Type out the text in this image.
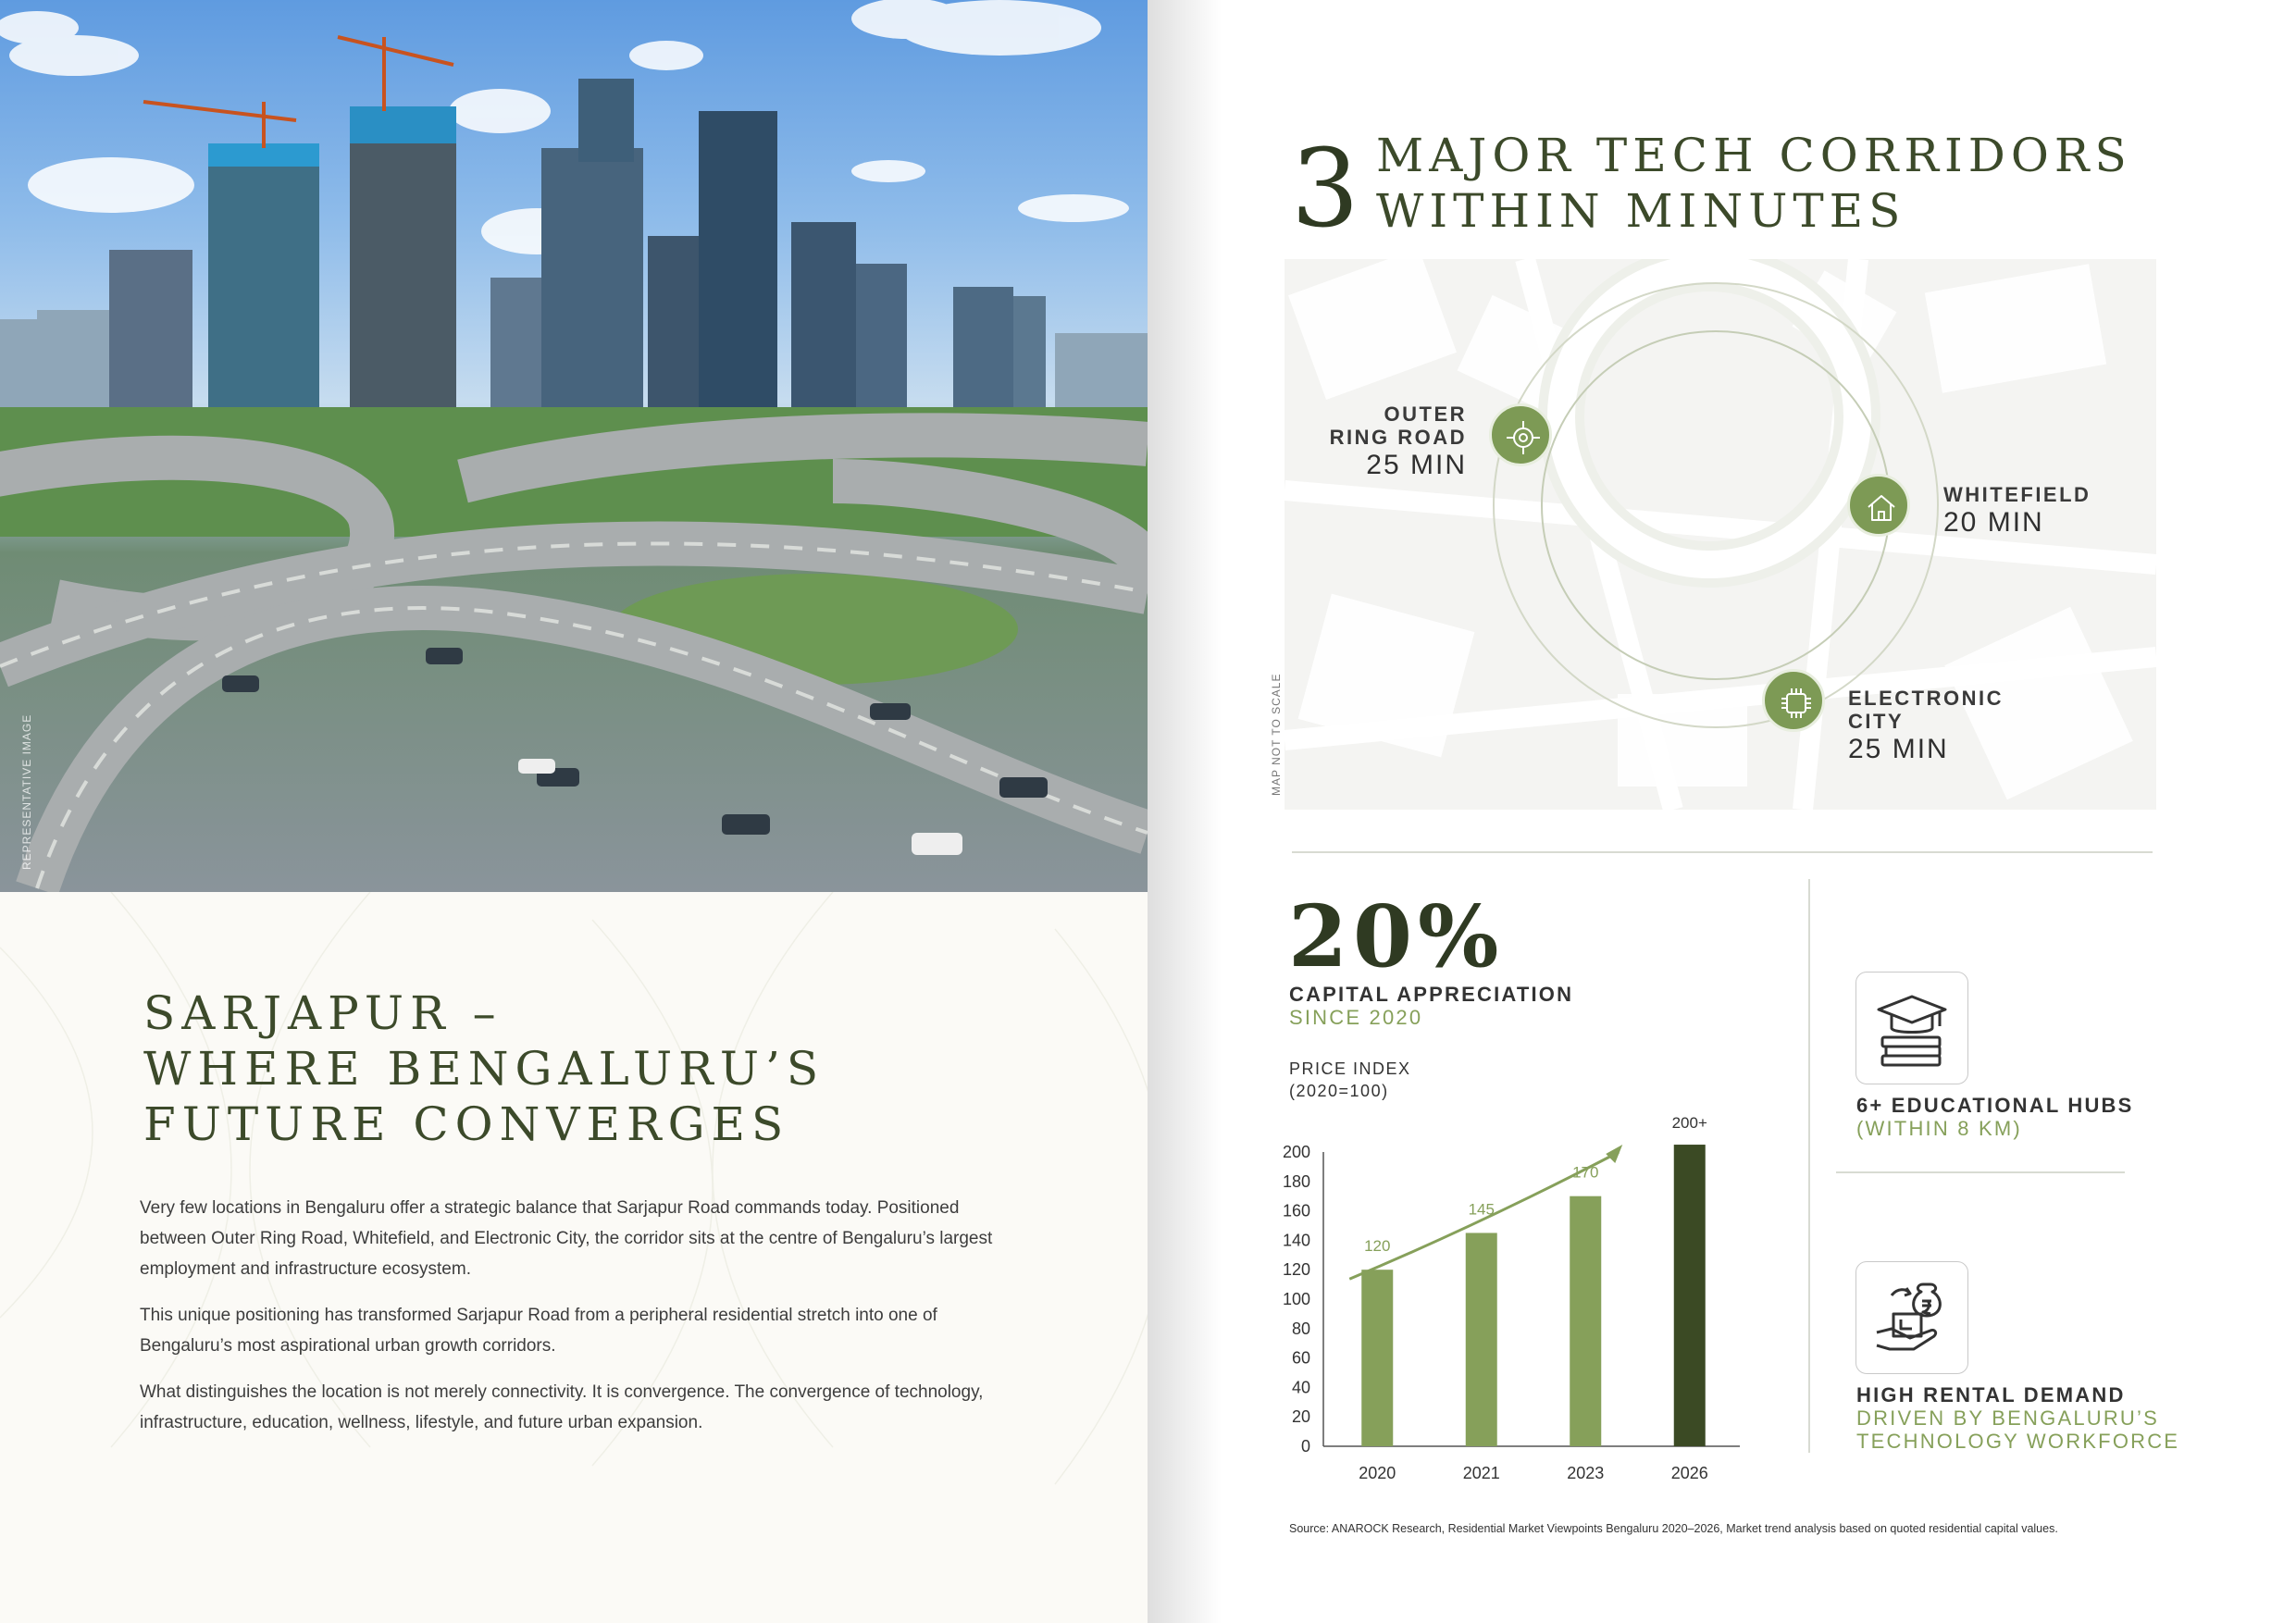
REPRESENTATIVE IMAGE
SARJAPUR –
WHERE BENGALURU’S
FUTURE CONVERGES

Very few locations in Bengaluru offer a strategic balance that Sarjapur Road commands today. Positioned between Outer Ring Road, Whitefield, and Electronic City, the corridor sits at the centre of Bengaluru’s largest employment and infrastructure ecosystem.

This unique positioning has transformed Sarjapur Road from a peripheral residential stretch into one of Bengaluru’s most aspirational urban growth corridors.

What distinguishes the location is not merely connectivity. It is convergence. The convergence of technology, infrastructure, education, wellness, lifestyle, and future urban expansion.

3 MAJOR TECH CORRIDORS
WITHIN MINUTES
MAP NOT TO SCALE
OUTER
RING ROAD
25 MIN
WHITEFIELD
20 MIN
ELECTRONIC
CITY
25 MIN
20%
CAPITAL APPRECIATION
SINCE 2020
PRICE INDEX
(2020=100)
0
20
40
60
80
100
120
140
160
180
200
2020
120
2021
145
2023
170
2026
200+
6+ EDUCATIONAL HUBS
(WITHIN 8 KM)
HIGH RENTAL DEMAND
DRIVEN BY BENGALURU’S
TECHNOLOGY WORKFORCE
Source: ANAROCK Research, Residential Market Viewpoints Bengaluru 2020–2026, Market trend analysis based on quoted residential capital values.
